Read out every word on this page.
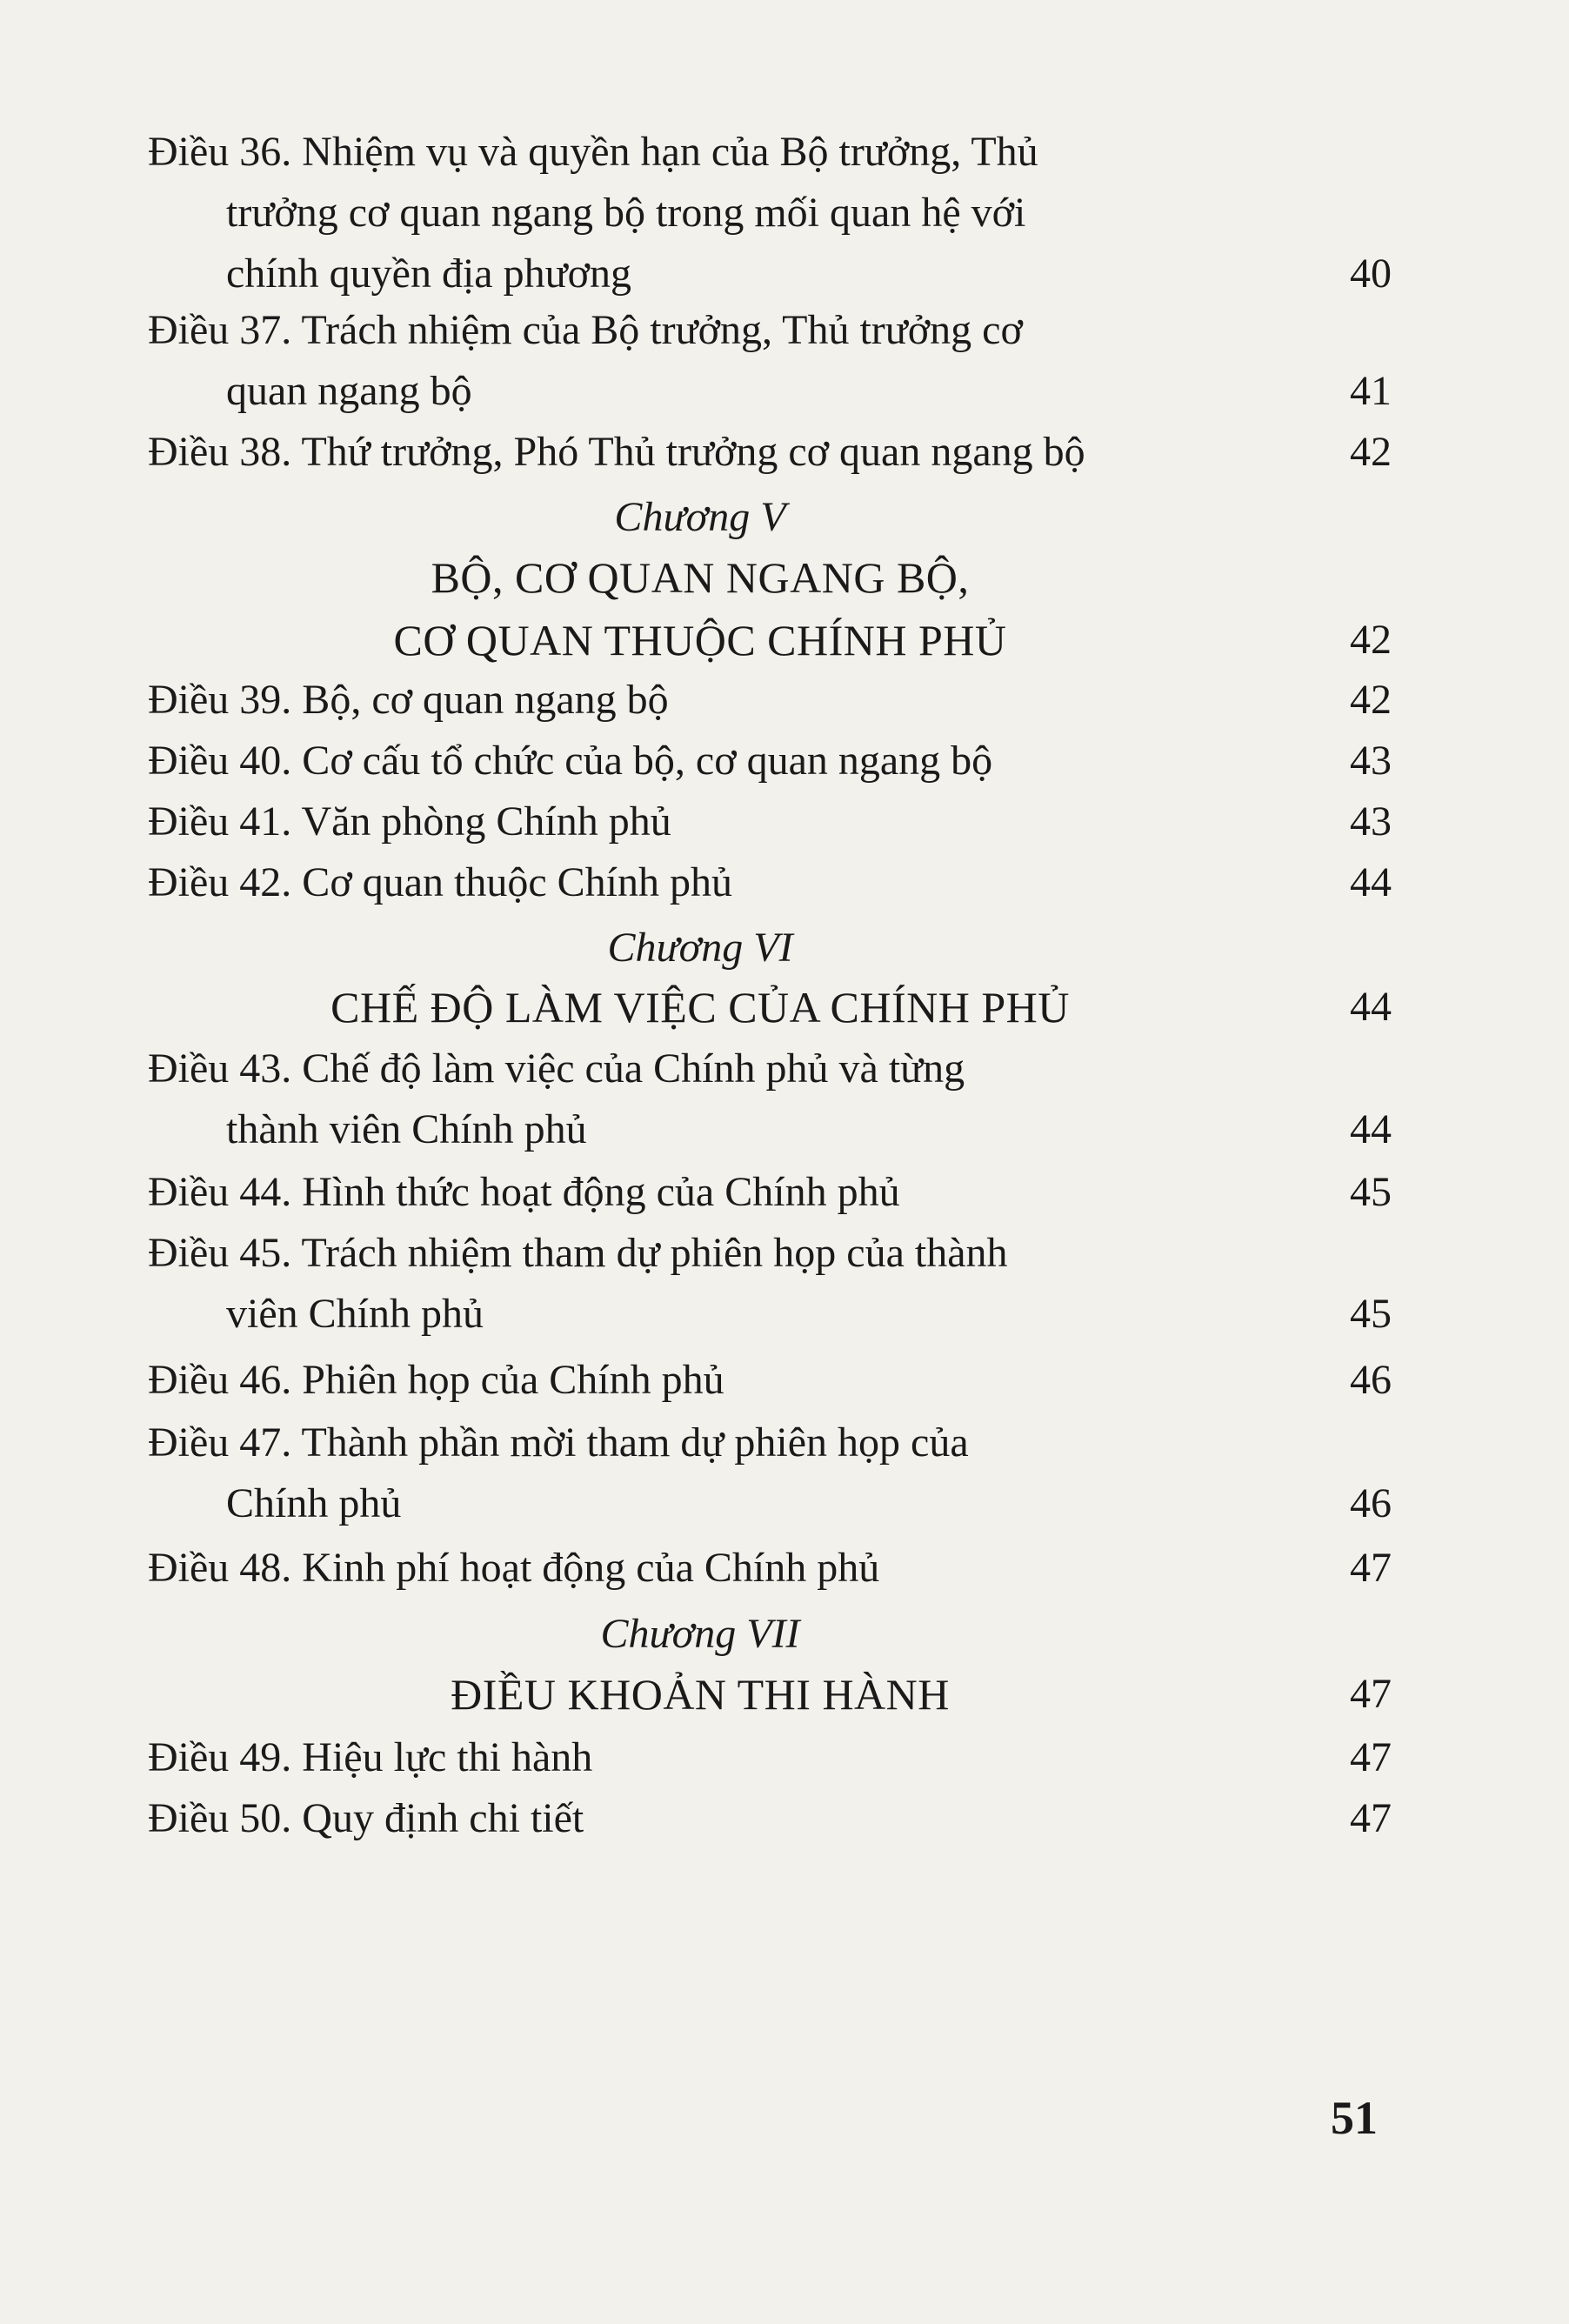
Điều 36. Nhiệm vụ và quyền hạn của Bộ trưởng, Thủ
trưởng cơ quan ngang bộ trong mối quan hệ với
chính quyền địa phương	40
Điều 37. Trách nhiệm của Bộ trưởng, Thủ trưởng cơ
quan ngang bộ	41
Điều 38. Thứ trưởng, Phó Thủ trưởng cơ quan ngang bộ	42
Chương V
BỘ, CƠ QUAN NGANG BỘ,
CƠ QUAN THUỘC CHÍNH PHỦ	42
Điều 39. Bộ, cơ quan ngang bộ	42
Điều 40. Cơ cấu tổ chức của bộ, cơ quan ngang bộ	43
Điều 41. Văn phòng Chính phủ	43
Điều 42. Cơ quan thuộc Chính phủ	44
Chương VI
CHẾ ĐỘ LÀM VIỆC CỦA CHÍNH PHỦ	44
Điều 43. Chế độ làm việc của Chính phủ và từng
thành viên Chính phủ	44
Điều 44. Hình thức hoạt động của Chính phủ	45
Điều 45. Trách nhiệm tham dự phiên họp của thành
viên Chính phủ	45
Điều 46. Phiên họp của Chính phủ	46
Điều 47. Thành phần mời tham dự phiên họp của
Chính phủ	46
Điều 48. Kinh phí hoạt động của Chính phủ	47
Chương VII
ĐIỀU KHOẢN THI HÀNH	47
Điều 49. Hiệu lực thi hành	47
Điều 50. Quy định chi tiết	47
51
